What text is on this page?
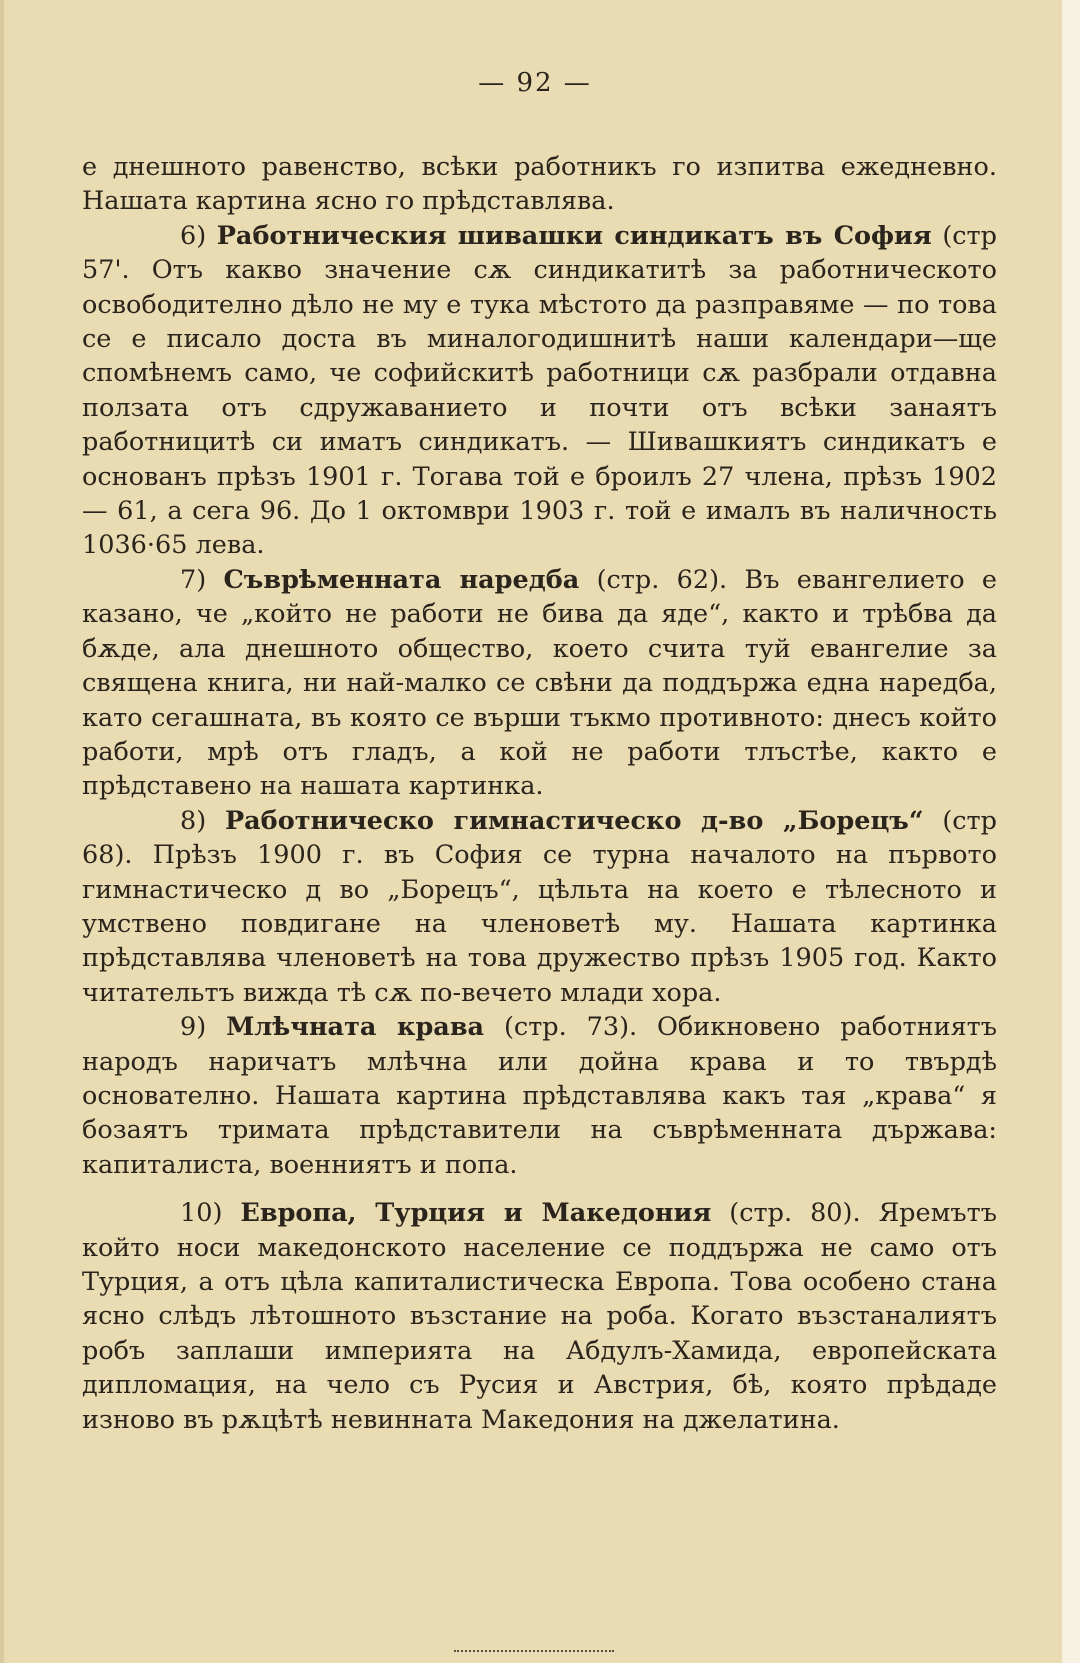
— 92 —

е днешното равенство, всѣки работникъ го изпитва ежедневно. Нашата картина ясно го прѣдставлява.

6) Работническия шивашки синдикатъ въ София (стр 57'. Отъ какво значение сѫ синдикатитѣ за работническото освободително дѣло не му е тука мѣстото да разправяме — по това се е писало доста въ миналогодишнитѣ наши календари—ще спомѣнемъ само, че софийскитѣ работници сѫ разбрали отдавна ползата отъ сдружаванието и почти отъ всѣки занаятъ работницитѣ си иматъ синдикатъ. — Шивашкиятъ синдикатъ е основанъ прѣзъ 1901 г. Тогава той е броилъ 27 члена, прѣзъ 1902— 61, а сега 96. До 1 октомври 1903 г. той е ималъ въ наличность 1036·65 лева.

7) Съврѣменната наредба (стр. 62). Въ евангелието е казано, че „който не работи не бива да яде“, както и трѣбва да бѫде, ала днешното общество, което счита туй евангелие за священа книга, ни най-малко се свѣни да поддържа една наредба, като сегашната, въ която се върши тъкмо противното: днесъ който работи, мрѣ отъ гладъ, а кой не работи тлъстѣе, както е прѣдставено на нашата картинка.

8) Работническо гимнастическо д-во „Борецъ“ (стр 68). Прѣзъ 1900 г. въ София се турна началото на първото гимнастическо д во „Борецъ“, цѣльта на което е тѣлесното и умствено повдигане на членоветѣ му. Нашата картинка прѣдставлява членоветѣ на това дружество прѣзъ 1905 год. Както читательтъ вижда тѣ сѫ по-вечето млади хора.

9) Млѣчната крава (стр. 73). Обикновено работниятъ народъ наричатъ млѣчна или дойна крава и то твърдѣ основателно. Нашата картина прѣдставлява какъ тая „крава“ я бозаятъ тримата прѣдставители на съврѣменната държава: капиталиста, военниятъ и попа.

10) Европа, Турция и Македония (стр. 80). Яремътъ който носи македонското население се поддържа не само отъ Турция, а отъ цѣла капиталистическа Европа. Това особено стана ясно слѣдъ лѣтошното възстание на роба. Когато възстаналиятъ робъ заплаши империята на Абдулъ-Хамида, европейската дипломация, на чело съ Русия и Австрия, бѣ, която прѣдаде изново въ рѫцѣтѣ невинната Македония на джелатина.
